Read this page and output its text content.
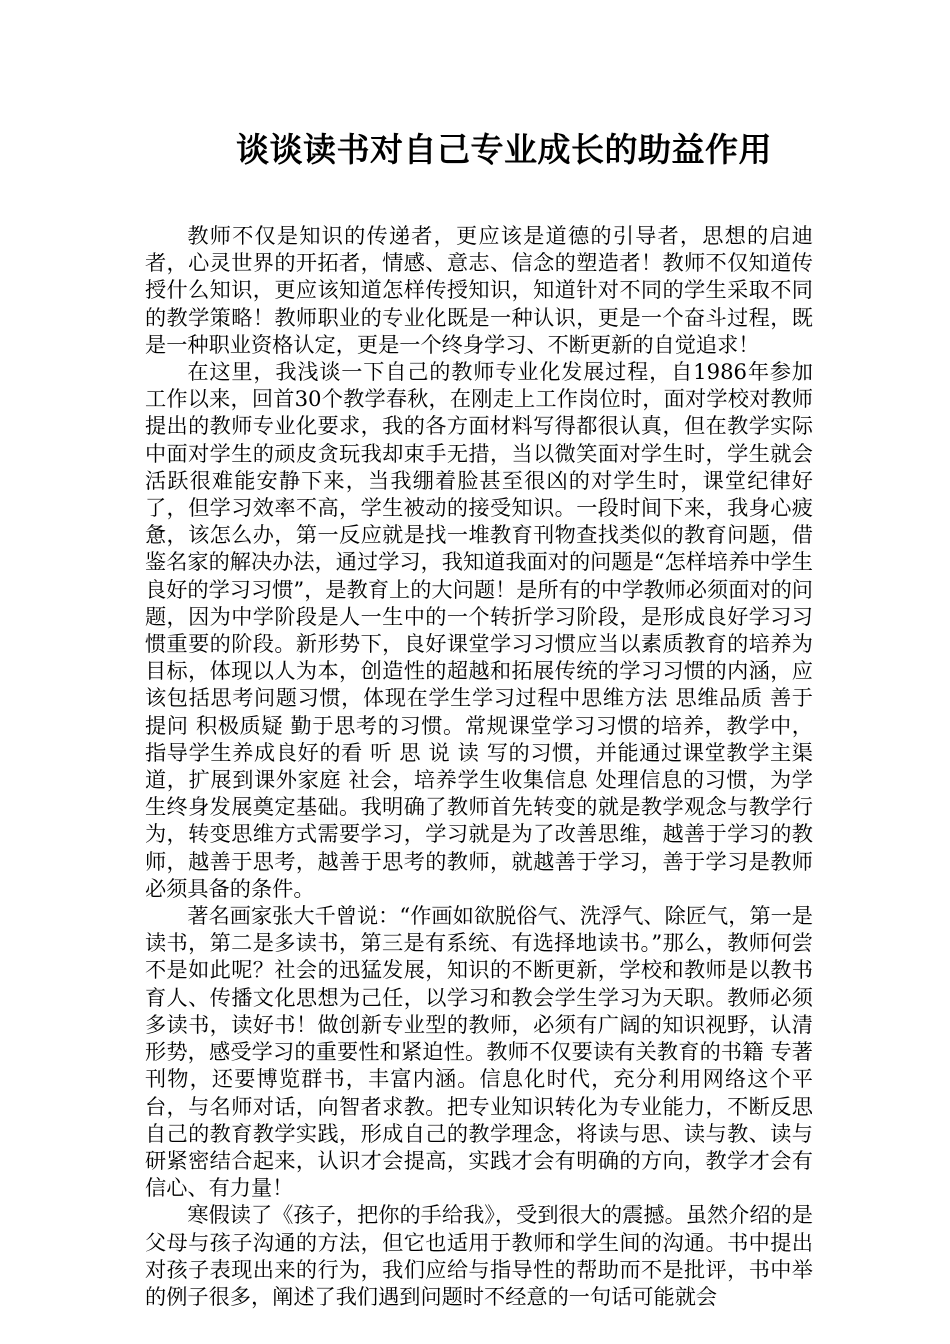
谈谈读书对自己专业成长的助益作用

教师不仅是知识的传递者，更应该是道德的引导者，思想的启迪者，心灵世界的开拓者，情感、意志、信念的塑造者！教师不仅知道传授什么知识，更应该知道怎样传授知识，知道针对不同的学生采取不同的教学策略！教师职业的专业化既是一种认识，更是一个奋斗过程，既是一种职业资格认定，更是一个终身学习、不断更新的自觉追求！

在这里，我浅谈一下自己的教师专业化发展过程，自1986年参加工作以来，回首30个教学春秋，在刚走上工作岗位时，面对学校对教师提出的教师专业化要求，我的各方面材料写得都很认真，但在教学实际中面对学生的顽皮贪玩我却束手无措，当以微笑面对学生时，学生就会活跃很难能安静下来，当我绷着脸甚至很凶的对学生时，课堂纪律好了，但学习效率不高，学生被动的接受知识。一段时间下来，我身心疲惫，该怎么办，第一反应就是找一堆教育刊物查找类似的教育问题，借鉴名家的解决办法，通过学习，我知道我面对的问题是“怎样培养中学生良好的学习习惯”，是教育上的大问题！是所有的中学教师必须面对的问题，因为中学阶段是人一生中的一个转折学习阶段，是形成良好学习习惯重要的阶段。新形势下，良好课堂学习习惯应当以素质教育的培养为目标，体现以人为本，创造性的超越和拓展传统的学习习惯的内涵，应该包括思考问题习惯，体现在学生学习过程中思维方法 思维品质 善于提问 积极质疑 勤于思考的习惯。常规课堂学习习惯的培养，教学中，指导学生养成良好的看 听 思 说 读 写的习惯，并能通过课堂教学主渠道，扩展到课外家庭 社会，培养学生收集信息 处理信息的习惯，为学生终身发展奠定基础。我明确了教师首先转变的就是教学观念与教学行为，转变思维方式需要学习，学习就是为了改善思维，越善于学习的教师，越善于思考，越善于思考的教师，就越善于学习，善于学习是教师必须具备的条件。

著名画家张大千曾说：“作画如欲脱俗气、洗浮气、除匠气，第一是读书，第二是多读书，第三是有系统、有选择地读书。”那么，教师何尝不是如此呢？社会的迅猛发展，知识的不断更新，学校和教师是以教书育人、传播文化思想为己任，以学习和教会学生学习为天职。教师必须多读书，读好书！做创新专业型的教师，必须有广阔的知识视野，认清形势，感受学习的重要性和紧迫性。教师不仅要读有关教育的书籍 专著刊物，还要博览群书，丰富内涵。信息化时代，充分利用网络这个平台，与名师对话，向智者求教。把专业知识转化为专业能力，不断反思自己的教育教学实践，形成自己的教学理念，将读与思、读与教、读与研紧密结合起来，认识才会提高，实践才会有明确的方向，教学才会有信心、有力量！

寒假读了《孩子，把你的手给我》，受到很大的震撼。虽然介绍的是父母与孩子沟通的方法，但它也适用于教师和学生间的沟通。书中提出对孩子表现出来的行为，我们应给与指导性的帮助而不是批评，书中举的例子很多，阐述了我们遇到问题时不经意的一句话可能就会
